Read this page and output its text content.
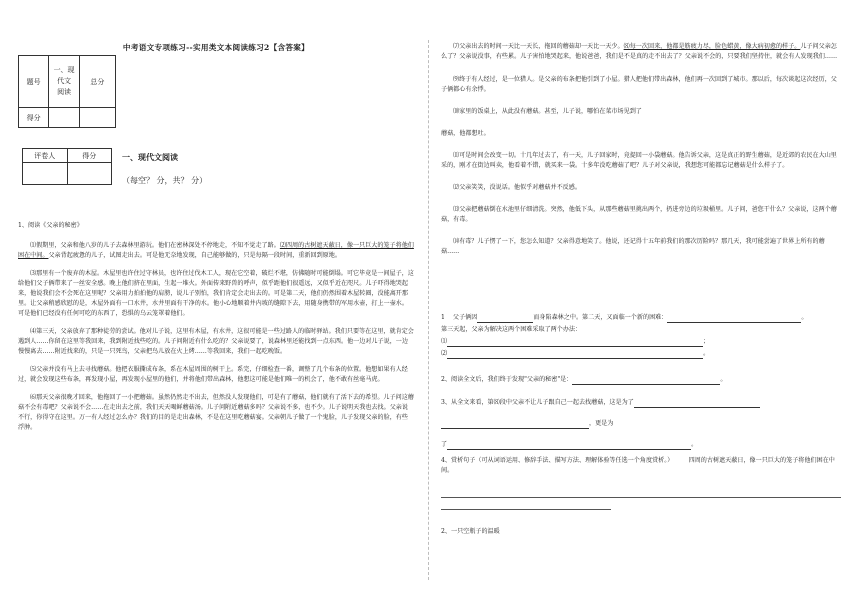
中考语文专项练习--实用类文本阅读练习2【含答案】
题号	一、现
代文
阅读	总分
得分		
评卷人	得分
		一、现代文阅读
（每空？ 分，共？ 分）

1、阅读《父亲的秘密》

⑴假期里，父亲和他八岁的儿子去森林里游玩。他们在密林深处不停地走，不知不觉走了路。⑵四周的古树遮天蔽日，像一只巨大的笼子将他们困在中间。父亲背起疲惫的儿子，试图走出去。可是他无奈地发现，自己能够做的，只是每隔一段时间，重新回到原地。

⑶那里有一个废弃的木屋。木屋里也许住过守林员，也许住过伐木工人，现在它空着，破烂不堪，仿佛随时可能倒塌。可它毕竟是一间屋子，这给他们父子俩带来了一丝安全感。晚上他们挤在里面，生起一堆火。外面传来野兽的呼声，似乎距他们很遥远，又似乎近在咫尺。儿子吓得地哭起来，他说我们会不会死在这里呢？父亲用力拍拍他的肩膀，说儿子别怕，我们肯定会走出去的。可是第二天，他们仍然围着木屋转圈，没能离开那里。让父亲稍感欣慰的是，木屋外面有一口水井，水井里面有干净的水。他小心地顺着井内坡的缝隙下去，用随身携带的军用水壶，打上一壶水。可是他们已经没有任何可吃的东西了，恐惧的乌云笼罩着他们。

⑷第三天，父亲放弃了那种徒劳的尝试。他对儿子说，这里有木屋，有水井，这很可能是一些过路人的临时驿站。我们只要等在这里，就肯定会遇到人……你留在这里等我回来，我到附近找些吃的。儿子问附近有什么吃的？父亲说要了，说森林里还能找到一点东西。他一边对儿子说，一边慢慢离去……附近找来的，只是一只死鸟，父亲把鸟儿放在火上烤……等我回来，我们一起吃晚饭。

⑸父亲并没有马上去寻找蘑菇。他把衣服撕成布条，系在木屋周围的树干上。系完，仔细检查一番，调整了几个布条的位置。他想如果有人经过，就会发现这些布条，再发现小屋，再发现小屋里的他们，并将他们带出森林，他想这可能是他们唯一的机会了，他不敢有丝毫马虎。

⑹那天父亲很晚才回来，他拖回了一小把蘑菇。虽然仍然走不出去，但然没人发现他们，可是有了蘑菇，他们就有了活下去的希望。儿子问这蘑菇不会有毒吧？父亲说不会……在走出去之前，我们天天喝鲜蘑菇汤。儿子问附近蘑菇多吗？父亲说不多，也不少。儿子说明天我也去找。父亲说不行，你得守在这里。万一有人经过怎么办？我们的目的是走出森林，不是在这里吃蘑菇宴。父亲朝儿子做了一个鬼脸，儿子发现父亲的脸，有些浮肿。

⑺父亲出去的时间一天比一天长，拖回的蘑菇却一天比一天少。⑻每一次回来，他都是筋疲力尽，脸色蜡黄，像大病初愈的样子。儿子问父亲怎么了？父亲说没事，有些累。儿子害怕地哭起来，他说爸爸，我们是不是真的走不出去了？父亲说不会的，只要我们坚持住，就会有人发现我们……

⑼终于有人经过，是一位猎人。是父亲的布条把他引到了小屋。猎人把他们带出森林，他们再一次回到了城市。那以后，每次谈起这次经历，父子俩都心有余悸。

⑽家里的饭桌上，从此没有蘑菇。甚至，儿子说，哪怕在菜市场见到了

蘑菇，他都想吐。

⑾可是时间会改变一切。十几年过去了，有一天，儿子回家时，竟提回一小袋蘑菇。他告诉父亲，这是真正的野生蘑菇，是近郊的农民在大山里采的，刚才在街边叫卖，他看着不错，就买来一袋。十多年没吃蘑菇了吧？儿子对父亲说，我想您可能都忘记蘑菇是什么样子了。

⑿父亲笑笑，没说话。他似乎对蘑菇并不反感。

⒀父亲把蘑菇倒在水池里仔细清洗。突然，他低下头，从那些蘑菇里挑出两个，扔进旁边的垃圾桶里。儿子问，爸您干什么？父亲说，这两个蘑菇，有毒。

⒁有毒？儿子愣了一下，您怎么知道？父亲得意地笑了。他说，还记得十五年前我们的那次历险吗？那几天，我可能尝遍了世界上所有的蘑菇……

1　 父子俩因	而身陷森林之中。第二天，又面临一个新的困难：	。

第三天起，父亲为解决这两个困难采取了两个办法：

⑴	；

⑵	。

2、阅读全文后，我们终于发现"父亲的秘密"是：	。

3、从全文来看，第⑻段中父亲不让儿子跟自己一起去找蘑菇，这是为了

，更是为

了	。

4、赏析句子（可从词语运用、修辞手法、描写方法、理解体验等任选一个角度赏析。）　　　	四周的古树遮天蔽日，像一只巨大的笼子将他们困在中间。

2、一只空瓶子的温暖
